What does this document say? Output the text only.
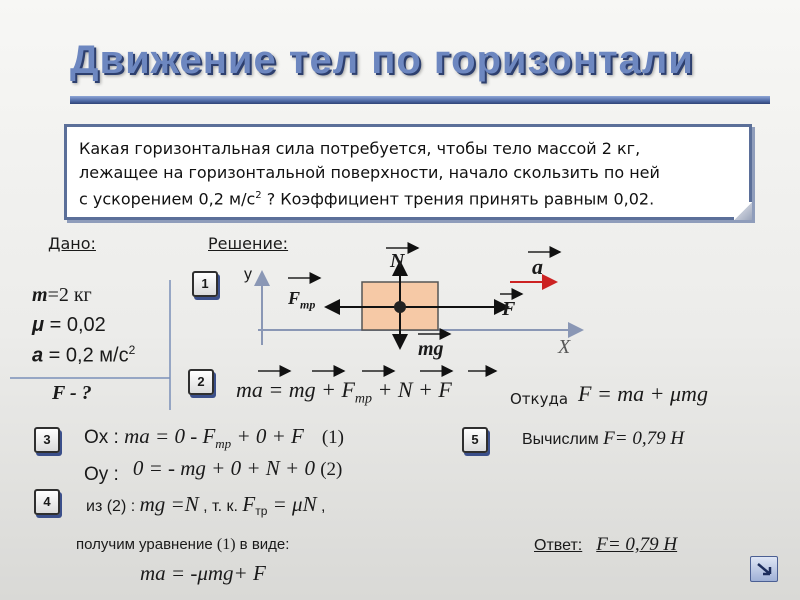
Движение тел по горизонтали
Какая горизонтальная сила потребуется, чтобы тело массой 2 кг,
лежащее на горизонтальной поверхности, начало скользить по ней
с ускорением 0,2 $м/с^2$ ? Коэффициент трения принять равным 0,02.
Дано:	Решение:
m=2 кг
μ = 0,02
a = 0,2 $м/с^2$
F - ?
1
2
3
4
5
y
X
N	a
$F_{тр}$	F
mg
ma = mg + $F_{тр} + N + F$	Откуда F = ma + μmg
Ox : ma = $0 - F_{тр} + 0 + F$ (1)
Oy : 0 = - mg + 0 + N + 0 (2)
из (2) : mg =N , т. к. $F_{тр} = \mu N$ ,
получим уравнение (1) в виде:
ma = -μmg+ F
Вычислим F= 0,79 Н
Ответ: F= 0,79 Н
